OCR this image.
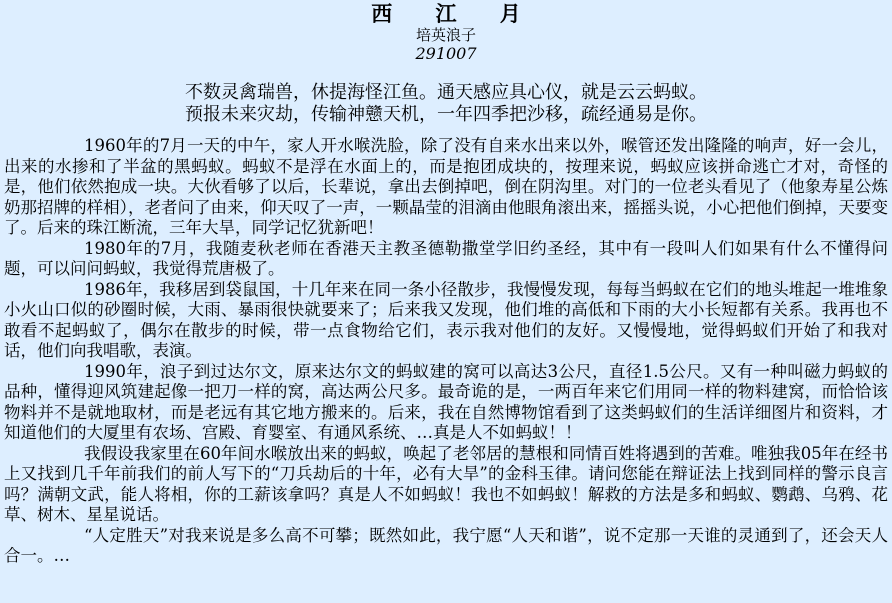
西 江 月
培英浪子
291007
不数灵禽瑞兽，休提海怪江鱼。通天感应具心仪，就是云云蚂蚁。
预报未来灾劫，传输神戆天机，一年四季把沙移，疏经通易是你。

1960年的7月一天的中午，家人开水喉洗脸，除了没有自来水出来以外，喉管还发出隆隆的响声，好一会儿，出来的水掺和了半盆的黑蚂蚁。蚂蚁不是浮在水面上的，而是抱团成块的，按理来说，蚂蚁应该拼命逃亡才对，奇怪的是，他们依然抱成一块。大伙看够了以后，长辈说，拿出去倒掉吧，倒在阴沟里。对门的一位老头看见了（他象寿星公炼奶那招牌的样相），老者问了由来，仰天叹了一声，一颗晶莹的泪滴由他眼角滚出来，摇摇头说，小心把他们倒掉，天要变了。后来的珠江断流，三年大旱，同学记忆犹新吧！

1980年的7月，我随麦秋老师在香港天主教圣德勒撒堂学旧约圣经，其中有一段叫人们如果有什么不懂得问题，可以问问蚂蚁，我觉得荒唐极了。

1986年，我移居到袋鼠国，十几年来在同一条小径散步，我慢慢发现，每每当蚂蚁在它们的地头堆起一堆堆象小火山口似的砂圈时候，大雨、暴雨很快就要来了；后来我又发现，他们堆的高低和下雨的大小长短都有关系。我再也不敢看不起蚂蚁了，偶尔在散步的时候，带一点食物给它们，表示我对他们的友好。又慢慢地，觉得蚂蚁们开始了和我对话，他们向我唱歌，表演。

1990年，浪子到过达尔文，原来达尔文的蚂蚁建的窝可以高达3公尺，直径1.5公尺。又有一种叫磁力蚂蚁的品种，懂得迎风筑建起像一把刀一样的窝，高达两公尺多。最奇诡的是，一两百年来它们用同一样的物料建窝，而恰恰该物料并不是就地取材，而是老远有其它地方搬来的。后来，我在自然博物馆看到了这类蚂蚁们的生活详细图片和资料，才知道他们的大厦里有农场、宫殿、育婴室、有通风系统、…真是人不如蚂蚁！！

我假设我家里在60年间水喉放出来的蚂蚁，唤起了老邻居的慧根和同情百姓将遇到的苦难。唯独我05年在经书上又找到几千年前我们的前人写下的“刀兵劫后的十年，必有大旱”的金科玉律。请问您能在辩证法上找到同样的警示良言吗？满朝文武，能人将相，你的工薪该拿吗？真是人不如蚂蚁！我也不如蚂蚁！解救的方法是多和蚂蚁、鹦鹉、乌鸦、花草、树木、星星说话。

“人定胜天”对我来说是多么高不可攀；既然如此，我宁愿“人天和谐”，说不定那一天谁的灵通到了，还会天人合一。…
